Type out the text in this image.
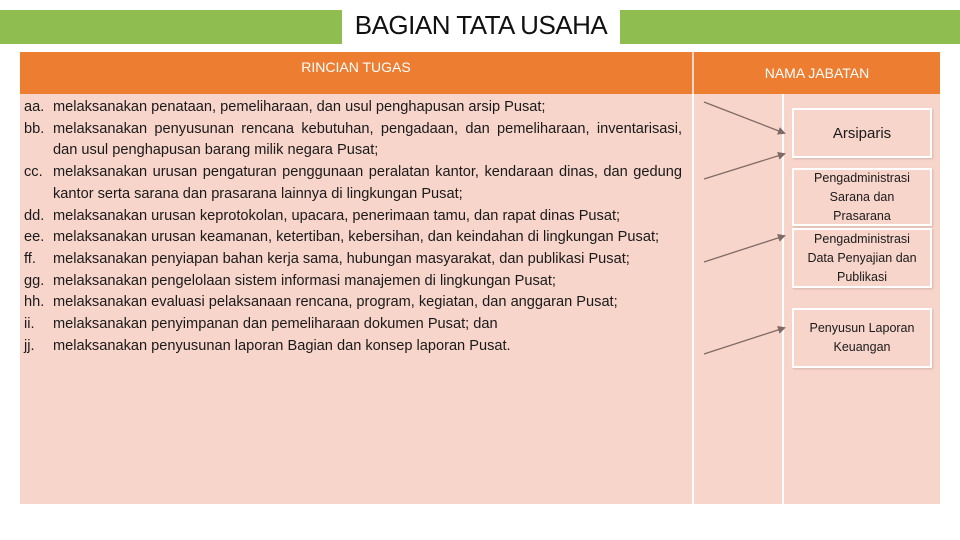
BAGIAN TATA USAHA
RINCIAN TUGAS	NAMA JABATAN
aa. melaksanakan penataan, pemeliharaan, dan usul penghapusan arsip Pusat;
bb. melaksanakan penyusunan rencana kebutuhan, pengadaan, dan pemeliharaan, inventarisasi, dan usul penghapusan barang milik negara Pusat;
cc. melaksanakan urusan pengaturan penggunaan peralatan kantor, kendaraan dinas, dan gedung kantor serta sarana dan prasarana lainnya di lingkungan Pusat;
dd. melaksanakan urusan keprotokolan, upacara, penerimaan tamu, dan rapat dinas Pusat;
ee. melaksanakan urusan keamanan, ketertiban, kebersihan, dan keindahan di lingkungan Pusat;
ff.	melaksanakan penyiapan bahan kerja sama, hubungan masyarakat, dan publikasi Pusat;
gg. melaksanakan pengelolaan sistem informasi manajemen di lingkungan Pusat;
hh. melaksanakan evaluasi pelaksanaan rencana, program, kegiatan, dan anggaran Pusat;
ii.	melaksanakan penyimpanan dan pemeliharaan dokumen Pusat; dan
jj.	melaksanakan penyusunan laporan Bagian dan konsep laporan Pusat.
Arsiparis
Pengadministrasi Sarana dan Prasarana
Pengadministrasi Data Penyajian dan Publikasi
Penyusun Laporan Keuangan
